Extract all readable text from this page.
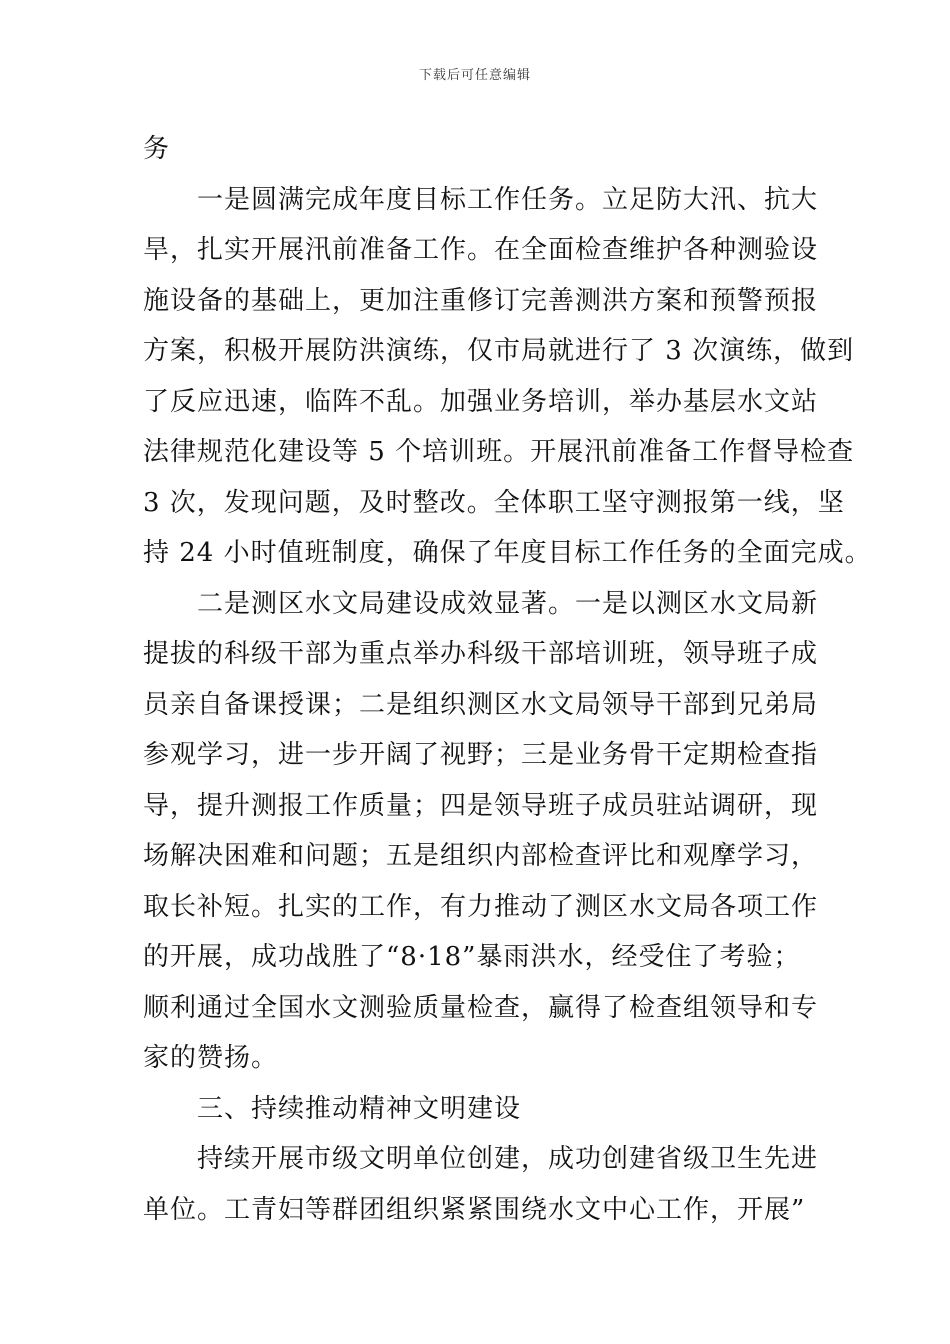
下载后可任意编辑
务
　　一是圆满完成年度目标工作任务。立足防大汛、抗大
旱，扎实开展汛前准备工作。在全面检查维护各种测验设
施设备的基础上，更加注重修订完善测洪方案和预警预报
方案，积极开展防洪演练，仅市局就进行了 3 次演练，做到
了反应迅速，临阵不乱。加强业务培训，举办基层水文站
法律规范化建设等 5 个培训班。开展汛前准备工作督导检查
3 次，发现问题，及时整改。全体职工坚守测报第一线，坚
持 24 小时值班制度，确保了年度目标工作任务的全面完成。
　　二是测区水文局建设成效显著。一是以测区水文局新
提拔的科级干部为重点举办科级干部培训班，领导班子成
员亲自备课授课；二是组织测区水文局领导干部到兄弟局
参观学习，进一步开阔了视野；三是业务骨干定期检查指
导，提升测报工作质量；四是领导班子成员驻站调研，现
场解决困难和问题；五是组织内部检查评比和观摩学习，
取长补短。扎实的工作，有力推动了测区水文局各项工作
的开展，成功战胜了“8·18”暴雨洪水，经受住了考验；
顺利通过全国水文测验质量检查，赢得了检查组领导和专
家的赞扬。
　　三、持续推动精神文明建设
　　持续开展市级文明单位创建，成功创建省级卫生先进
单位。工青妇等群团组织紧紧围绕水文中心工作，开展”
